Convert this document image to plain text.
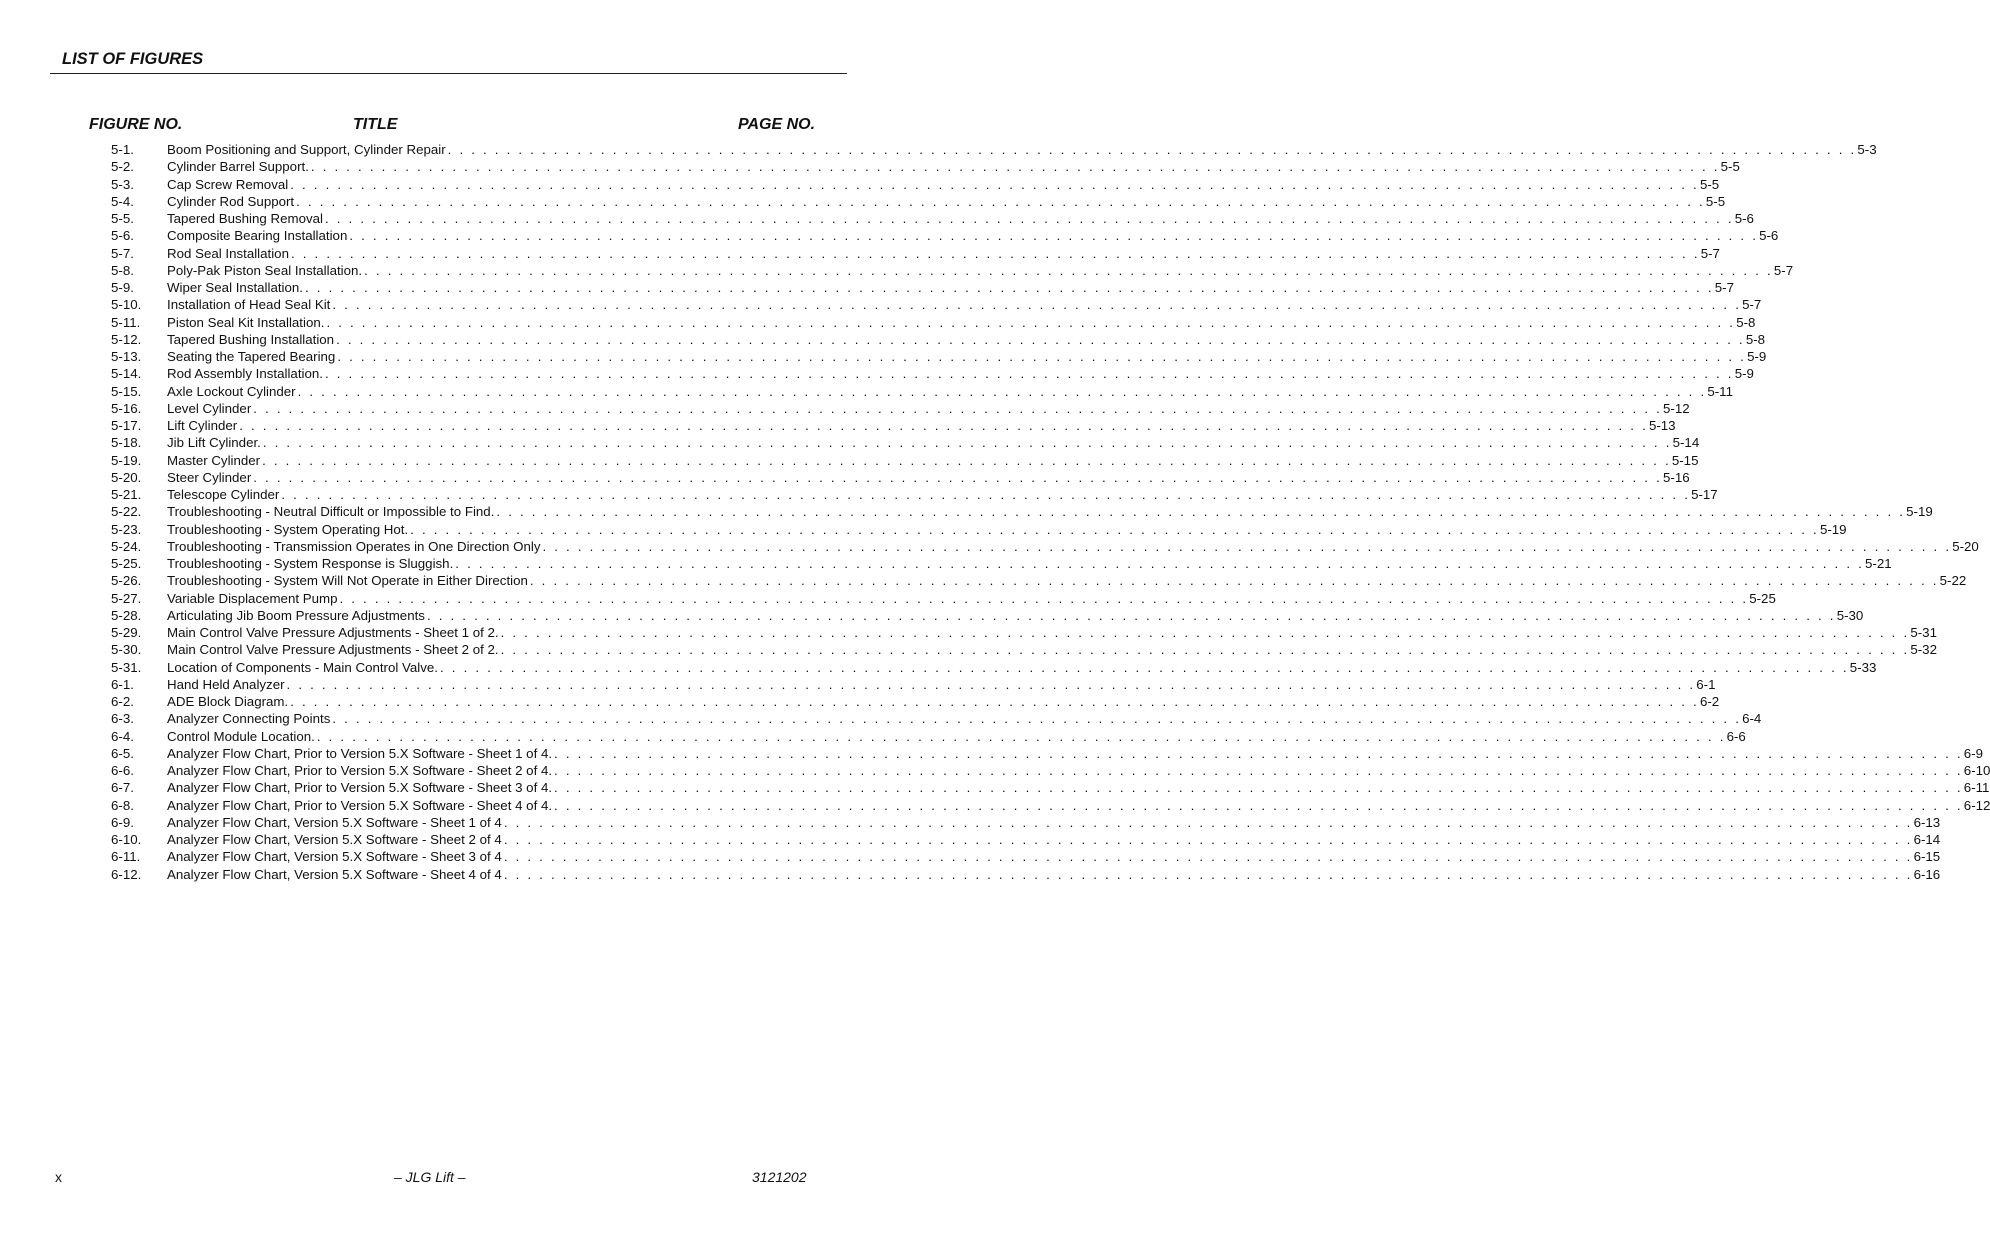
LIST OF FIGURES
FIGURE NO.	TITLE	PAGE NO.
5-1.	Boom Positioning and Support, Cylinder Repair . . . . . . . . . . . . . . . . . . . . . . . . . . . . . . . . . . . . . . . . . . . . . . . . . . . . . . . . . . . . . . . . . . . . . . . . . . . . . . . . . . . . . . . . . . . . . . . . . . . . . . . . . . . . . . . . . . . . . . . . 5-3
5-2.	Cylinder Barrel Support. . . . . . . . . . . . . . . . . . . . . . . . . . . . . . . . . . . . . . . . . . . . . . . . . . . . . . . . . . . . . . . . . . . . . . . . . . . . . . . . . . . . . . . . . . . . . . . . . . . . . . . . . . . . . . . . . . . . . . . . . 5-5
5-3.	Cap Screw Removal . . . . . . . . . . . . . . . . . . . . . . . . . . . . . . . . . . . . . . . . . . . . . . . . . . . . . . . . . . . . . . . . . . . . . . . . . . . . . . . . . . . . . . . . . . . . . . . . . . . . . . . . . . . . . . . . . . . . . . . . 5-5
5-4.	Cylinder Rod Support . . . . . . . . . . . . . . . . . . . . . . . . . . . . . . . . . . . . . . . . . . . . . . . . . . . . . . . . . . . . . . . . . . . . . . . . . . . . . . . . . . . . . . . . . . . . . . . . . . . . . . . . . . . . . . . . . . . . . . . . 5-5
5-5.	Tapered Bushing Removal . . . . . . . . . . . . . . . . . . . . . . . . . . . . . . . . . . . . . . . . . . . . . . . . . . . . . . . . . . . . . . . . . . . . . . . . . . . . . . . . . . . . . . . . . . . . . . . . . . . . . . . . . . . . . . . . . . . . . . . . 5-6
5-6.	Composite Bearing Installation . . . . . . . . . . . . . . . . . . . . . . . . . . . . . . . . . . . . . . . . . . . . . . . . . . . . . . . . . . . . . . . . . . . . . . . . . . . . . . . . . . . . . . . . . . . . . . . . . . . . . . . . . . . . . . . . . . . . . . . . 5-6
5-7.	Rod Seal Installation . . . . . . . . . . . . . . . . . . . . . . . . . . . . . . . . . . . . . . . . . . . . . . . . . . . . . . . . . . . . . . . . . . . . . . . . . . . . . . . . . . . . . . . . . . . . . . . . . . . . . . . . . . . . . . . . . . . . . . . . 5-7
5-8.	Poly-Pak Piston Seal Installation. . . . . . . . . . . . . . . . . . . . . . . . . . . . . . . . . . . . . . . . . . . . . . . . . . . . . . . . . . . . . . . . . . . . . . . . . . . . . . . . . . . . . . . . . . . . . . . . . . . . . . . . . . . . . . . . . . . . . . . . . 5-7
5-9.	Wiper Seal Installation. . . . . . . . . . . . . . . . . . . . . . . . . . . . . . . . . . . . . . . . . . . . . . . . . . . . . . . . . . . . . . . . . . . . . . . . . . . . . . . . . . . . . . . . . . . . . . . . . . . . . . . . . . . . . . . . . . . . . . . . . 5-7
5-10.	Installation of Head Seal Kit . . . . . . . . . . . . . . . . . . . . . . . . . . . . . . . . . . . . . . . . . . . . . . . . . . . . . . . . . . . . . . . . . . . . . . . . . . . . . . . . . . . . . . . . . . . . . . . . . . . . . . . . . . . . . . . . . . . . . . . . 5-7
5-11.	Piston Seal Kit Installation. . . . . . . . . . . . . . . . . . . . . . . . . . . . . . . . . . . . . . . . . . . . . . . . . . . . . . . . . . . . . . . . . . . . . . . . . . . . . . . . . . . . . . . . . . . . . . . . . . . . . . . . . . . . . . . . . . . . . . . . . 5-8
5-12.	Tapered Bushing Installation . . . . . . . . . . . . . . . . . . . . . . . . . . . . . . . . . . . . . . . . . . . . . . . . . . . . . . . . . . . . . . . . . . . . . . . . . . . . . . . . . . . . . . . . . . . . . . . . . . . . . . . . . . . . . . . . . . . . . . . . 5-8
5-13.	Seating the Tapered Bearing . . . . . . . . . . . . . . . . . . . . . . . . . . . . . . . . . . . . . . . . . . . . . . . . . . . . . . . . . . . . . . . . . . . . . . . . . . . . . . . . . . . . . . . . . . . . . . . . . . . . . . . . . . . . . . . . . . . . . . . . 5-9
5-14.	Rod Assembly Installation. . . . . . . . . . . . . . . . . . . . . . . . . . . . . . . . . . . . . . . . . . . . . . . . . . . . . . . . . . . . . . . . . . . . . . . . . . . . . . . . . . . . . . . . . . . . . . . . . . . . . . . . . . . . . . . . . . . . . . . . . 5-9
5-15.	Axle Lockout Cylinder . . . . . . . . . . . . . . . . . . . . . . . . . . . . . . . . . . . . . . . . . . . . . . . . . . . . . . . . . . . . . . . . . . . . . . . . . . . . . . . . . . . . . . . . . . . . . . . . . . . . . . . . . . . . . . . . . . . . . . . . 5-11
5-16.	Level Cylinder . . . . . . . . . . . . . . . . . . . . . . . . . . . . . . . . . . . . . . . . . . . . . . . . . . . . . . . . . . . . . . . . . . . . . . . . . . . . . . . . . . . . . . . . . . . . . . . . . . . . . . . . . . . . . . . . . . . . . . . . 5-12
5-17.	Lift Cylinder . . . . . . . . . . . . . . . . . . . . . . . . . . . . . . . . . . . . . . . . . . . . . . . . . . . . . . . . . . . . . . . . . . . . . . . . . . . . . . . . . . . . . . . . . . . . . . . . . . . . . . . . . . . . . . . . . . . . . . . . 5-13
5-18.	Jib Lift Cylinder. . . . . . . . . . . . . . . . . . . . . . . . . . . . . . . . . . . . . . . . . . . . . . . . . . . . . . . . . . . . . . . . . . . . . . . . . . . . . . . . . . . . . . . . . . . . . . . . . . . . . . . . . . . . . . . . . . . . . . . . . 5-14
5-19.	Master Cylinder . . . . . . . . . . . . . . . . . . . . . . . . . . . . . . . . . . . . . . . . . . . . . . . . . . . . . . . . . . . . . . . . . . . . . . . . . . . . . . . . . . . . . . . . . . . . . . . . . . . . . . . . . . . . . . . . . . . . . . . . 5-15
5-20.	Steer Cylinder . . . . . . . . . . . . . . . . . . . . . . . . . . . . . . . . . . . . . . . . . . . . . . . . . . . . . . . . . . . . . . . . . . . . . . . . . . . . . . . . . . . . . . . . . . . . . . . . . . . . . . . . . . . . . . . . . . . . . . . . 5-16
5-21.	Telescope Cylinder . . . . . . . . . . . . . . . . . . . . . . . . . . . . . . . . . . . . . . . . . . . . . . . . . . . . . . . . . . . . . . . . . . . . . . . . . . . . . . . . . . . . . . . . . . . . . . . . . . . . . . . . . . . . . . . . . . . . . . . . 5-17
5-22.	Troubleshooting - Neutral Difficult or Impossible to Find. . . . . . . . . . . . . . . . . . . . . . . . . . . . . . . . . . . . . . . . . . . . . . . . . . . . . . . . . . . . . . . . . . . . . . . . . . . . . . . . . . . . . . . . . . . . . . . . . . . . . . . . . . . . . . . . . . . . . . . . . 5-19
5-23.	Troubleshooting - System Operating Hot. . . . . . . . . . . . . . . . . . . . . . . . . . . . . . . . . . . . . . . . . . . . . . . . . . . . . . . . . . . . . . . . . . . . . . . . . . . . . . . . . . . . . . . . . . . . . . . . . . . . . . . . . . . . . . . . . . . . . . . . . 5-19
5-24.	Troubleshooting - Transmission Operates in One Direction Only . . . . . . . . . . . . . . . . . . . . . . . . . . . . . . . . . . . . . . . . . . . . . . . . . . . . . . . . . . . . . . . . . . . . . . . . . . . . . . . . . . . . . . . . . . . . . . . . . . . . . . . . . . . . . . . . . . . . . . . . 5-20
5-25.	Troubleshooting - System Response is Sluggish. . . . . . . . . . . . . . . . . . . . . . . . . . . . . . . . . . . . . . . . . . . . . . . . . . . . . . . . . . . . . . . . . . . . . . . . . . . . . . . . . . . . . . . . . . . . . . . . . . . . . . . . . . . . . . . . . . . . . . . . . 5-21
5-26.	Troubleshooting - System Will Not Operate in Either Direction . . . . . . . . . . . . . . . . . . . . . . . . . . . . . . . . . . . . . . . . . . . . . . . . . . . . . . . . . . . . . . . . . . . . . . . . . . . . . . . . . . . . . . . . . . . . . . . . . . . . . . . . . . . . . . . . . . . . . . . . 5-22
5-27.	Variable Displacement Pump . . . . . . . . . . . . . . . . . . . . . . . . . . . . . . . . . . . . . . . . . . . . . . . . . . . . . . . . . . . . . . . . . . . . . . . . . . . . . . . . . . . . . . . . . . . . . . . . . . . . . . . . . . . . . . . . . . . . . . . . 5-25
5-28.	Articulating Jib Boom Pressure Adjustments . . . . . . . . . . . . . . . . . . . . . . . . . . . . . . . . . . . . . . . . . . . . . . . . . . . . . . . . . . . . . . . . . . . . . . . . . . . . . . . . . . . . . . . . . . . . . . . . . . . . . . . . . . . . . . . . . . . . . . . . 5-30
5-29.	Main Control Valve Pressure Adjustments - Sheet 1 of 2. . . . . . . . . . . . . . . . . . . . . . . . . . . . . . . . . . . . . . . . . . . . . . . . . . . . . . . . . . . . . . . . . . . . . . . . . . . . . . . . . . . . . . . . . . . . . . . . . . . . . . . . . . . . . . . . . . . . . . . . . 5-31
5-30.	Main Control Valve Pressure Adjustments - Sheet 2 of 2. . . . . . . . . . . . . . . . . . . . . . . . . . . . . . . . . . . . . . . . . . . . . . . . . . . . . . . . . . . . . . . . . . . . . . . . . . . . . . . . . . . . . . . . . . . . . . . . . . . . . . . . . . . . . . . . . . . . . . . . . 5-32
5-31.	Location of Components - Main Control Valve. . . . . . . . . . . . . . . . . . . . . . . . . . . . . . . . . . . . . . . . . . . . . . . . . . . . . . . . . . . . . . . . . . . . . . . . . . . . . . . . . . . . . . . . . . . . . . . . . . . . . . . . . . . . . . . . . . . . . . . . . 5-33
6-1.	Hand Held Analyzer . . . . . . . . . . . . . . . . . . . . . . . . . . . . . . . . . . . . . . . . . . . . . . . . . . . . . . . . . . . . . . . . . . . . . . . . . . . . . . . . . . . . . . . . . . . . . . . . . . . . . . . . . . . . . . . . . . . . . . . . 6-1
6-2.	ADE Block Diagram. . . . . . . . . . . . . . . . . . . . . . . . . . . . . . . . . . . . . . . . . . . . . . . . . . . . . . . . . . . . . . . . . . . . . . . . . . . . . . . . . . . . . . . . . . . . . . . . . . . . . . . . . . . . . . . . . . . . . . . . . 6-2
6-3.	Analyzer Connecting Points . . . . . . . . . . . . . . . . . . . . . . . . . . . . . . . . . . . . . . . . . . . . . . . . . . . . . . . . . . . . . . . . . . . . . . . . . . . . . . . . . . . . . . . . . . . . . . . . . . . . . . . . . . . . . . . . . . . . . . . . 6-4
6-4.	Control Module Location. . . . . . . . . . . . . . . . . . . . . . . . . . . . . . . . . . . . . . . . . . . . . . . . . . . . . . . . . . . . . . . . . . . . . . . . . . . . . . . . . . . . . . . . . . . . . . . . . . . . . . . . . . . . . . . . . . . . . . . . . 6-6
6-5.	Analyzer Flow Chart, Prior to Version 5.X Software - Sheet 1 of 4. . . . . . . . . . . . . . . . . . . . . . . . . . . . . . . . . . . . . . . . . . . . . . . . . . . . . . . . . . . . . . . . . . . . . . . . . . . . . . . . . . . . . . . . . . . . . . . . . . . . . . . . . . . . . . . . . . . . . . . . . 6-9
6-6.	Analyzer Flow Chart, Prior to Version 5.X Software - Sheet 2 of 4. . . . . . . . . . . . . . . . . . . . . . . . . . . . . . . . . . . . . . . . . . . . . . . . . . . . . . . . . . . . . . . . . . . . . . . . . . . . . . . . . . . . . . . . . . . . . . . . . . . . . . . . . . . . . . . . . . . . . . . . . 6-10
6-7.	Analyzer Flow Chart, Prior to Version 5.X Software - Sheet 3 of 4. . . . . . . . . . . . . . . . . . . . . . . . . . . . . . . . . . . . . . . . . . . . . . . . . . . . . . . . . . . . . . . . . . . . . . . . . . . . . . . . . . . . . . . . . . . . . . . . . . . . . . . . . . . . . . . . . . . . . . . . . 6-11
6-8.	Analyzer Flow Chart, Prior to Version 5.X Software - Sheet 4 of 4. . . . . . . . . . . . . . . . . . . . . . . . . . . . . . . . . . . . . . . . . . . . . . . . . . . . . . . . . . . . . . . . . . . . . . . . . . . . . . . . . . . . . . . . . . . . . . . . . . . . . . . . . . . . . . . . . . . . . . . . . 6-12
6-9.	Analyzer Flow Chart, Version 5.X Software - Sheet 1 of 4 . . . . . . . . . . . . . . . . . . . . . . . . . . . . . . . . . . . . . . . . . . . . . . . . . . . . . . . . . . . . . . . . . . . . . . . . . . . . . . . . . . . . . . . . . . . . . . . . . . . . . . . . . . . . . . . . . . . . . . . . 6-13
6-10.	Analyzer Flow Chart, Version 5.X Software - Sheet 2 of 4 . . . . . . . . . . . . . . . . . . . . . . . . . . . . . . . . . . . . . . . . . . . . . . . . . . . . . . . . . . . . . . . . . . . . . . . . . . . . . . . . . . . . . . . . . . . . . . . . . . . . . . . . . . . . . . . . . . . . . . . . 6-14
6-11.	Analyzer Flow Chart, Version 5.X Software - Sheet 3 of 4 . . . . . . . . . . . . . . . . . . . . . . . . . . . . . . . . . . . . . . . . . . . . . . . . . . . . . . . . . . . . . . . . . . . . . . . . . . . . . . . . . . . . . . . . . . . . . . . . . . . . . . . . . . . . . . . . . . . . . . . . 6-15
6-12.	Analyzer Flow Chart, Version 5.X Software - Sheet 4 of 4 . . . . . . . . . . . . . . . . . . . . . . . . . . . . . . . . . . . . . . . . . . . . . . . . . . . . . . . . . . . . . . . . . . . . . . . . . . . . . . . . . . . . . . . . . . . . . . . . . . . . . . . . . . . . . . . . . . . . . . . . 6-16
x	– JLG Lift –	3121202
